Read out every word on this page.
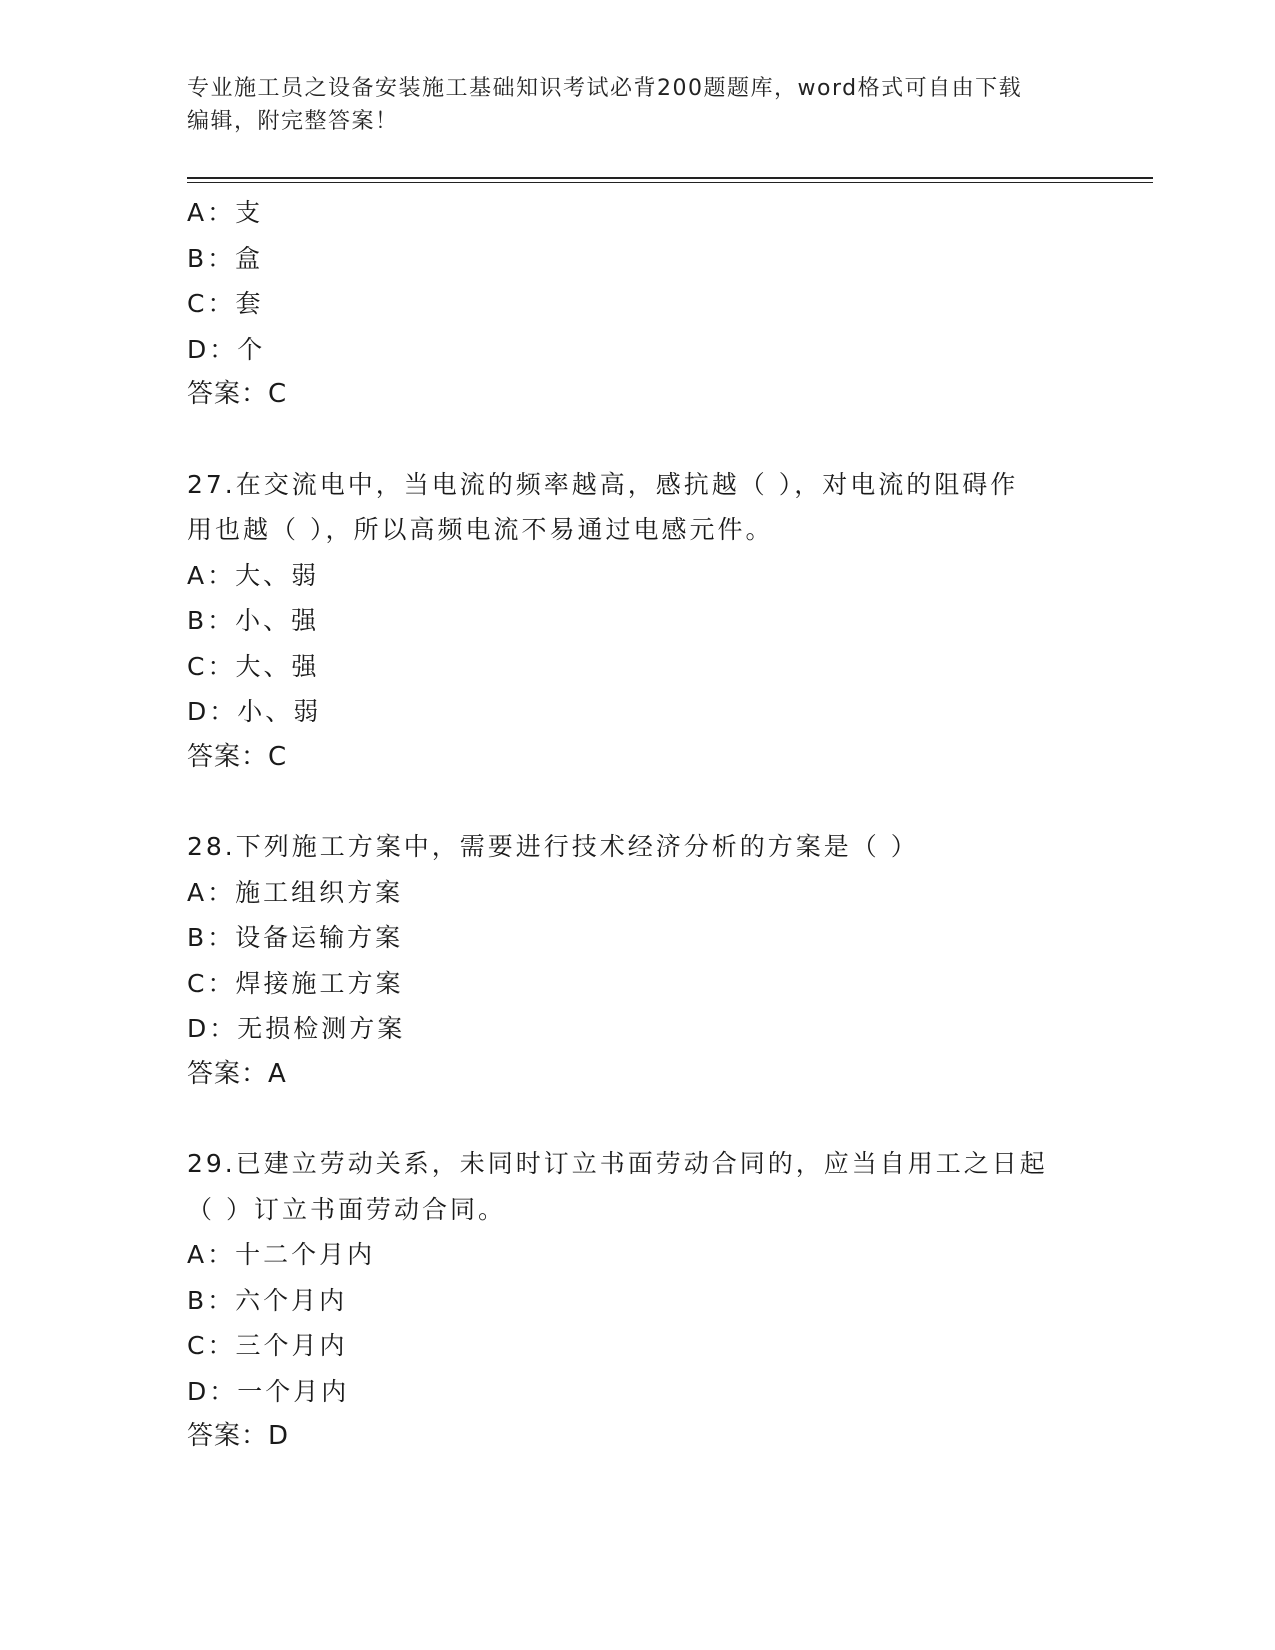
专业施工员之设备安装施工基础知识考试必背200题题库，word格式可自由下载
编辑，附完整答案！
A：支
B：盒
C：套
D：个
答案：C
27.在交流电中，当电流的频率越高，感抗越（ ），对电流的阻碍作
用也越（ ），所以高频电流不易通过电感元件。
A：大、弱
B：小、强
C：大、强
D：小、弱
答案：C
28.下列施工方案中，需要进行技术经济分析的方案是（ ）
A：施工组织方案
B：设备运输方案
C：焊接施工方案
D：无损检测方案
答案：A
29.已建立劳动关系，未同时订立书面劳动合同的，应当自用工之日起
（ ）订立书面劳动合同。
A：十二个月内
B：六个月内
C：三个月内
D：一个月内
答案：D
